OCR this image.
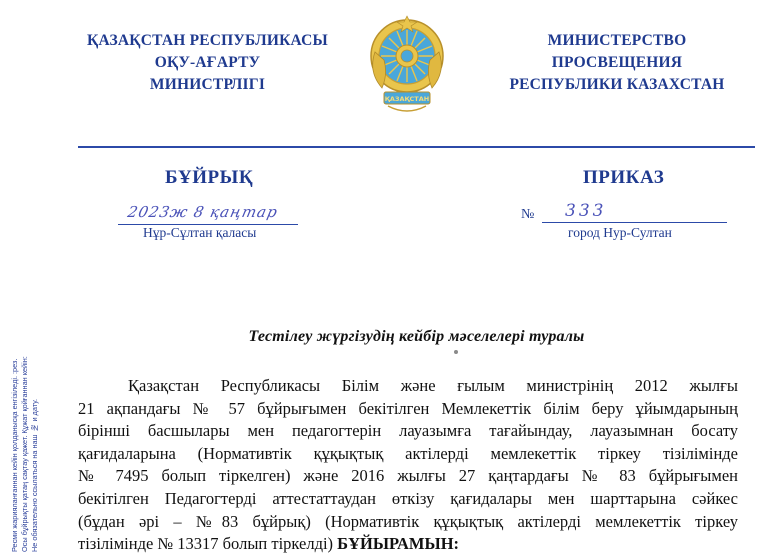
ҚАЗАҚСТАН РЕСПУБЛИКАСЫ
ОҚУ-АҒАРТУ
МИНИСТРЛІГІ
ҚАЗАҚСТАН
МИНИСТЕРСТВО
ПРОСВЕЩЕНИЯ
РЕСПУБЛИКИ КАЗАХСТАН
БҰЙРЫҚ	ПРИКАЗ
2023ж 8 қаңтар
Нұр-Сұлтан қаласы
№ 333
город Нур-Султан
Ресми жарияланғаннан кейін қолданысқа енгізіледі. :рез. Осы бұйрықты қатаң сақтау қажет. Құжат қойғаннан кейін: Не обязательно ссылаться на наш № и дату.
Тестілеу жүргізудің кейбір мәселелері туралы
Қазақстан Республикасы Білім және ғылым министрінің 2012 жылғы
21 ақпандағы № 57 бұйрығымен бекітілген Мемлекеттік білім беру ұйымдарының
бірінші басшылары мен педагогтерін лауазымға тағайындау, лауазымнан босату
қағидаларына (Нормативтік құқықтық актілерді мемлекеттік тіркеу тізілімінде
№ 7495 болып тіркелген) және 2016 жылғы 27 қаңтардағы № 83 бұйрығымен
бекітілген Педагогтерді аттестаттаудан өткізу қағидалары мен шарттарына сәйкес
(бұдан әрі – №83 бұйрық) (Нормативтік құқықтық актілерді мемлекеттік тіркеу
тізілімінде № 13317 болып тіркелді) БҰЙЫРАМЫН:
